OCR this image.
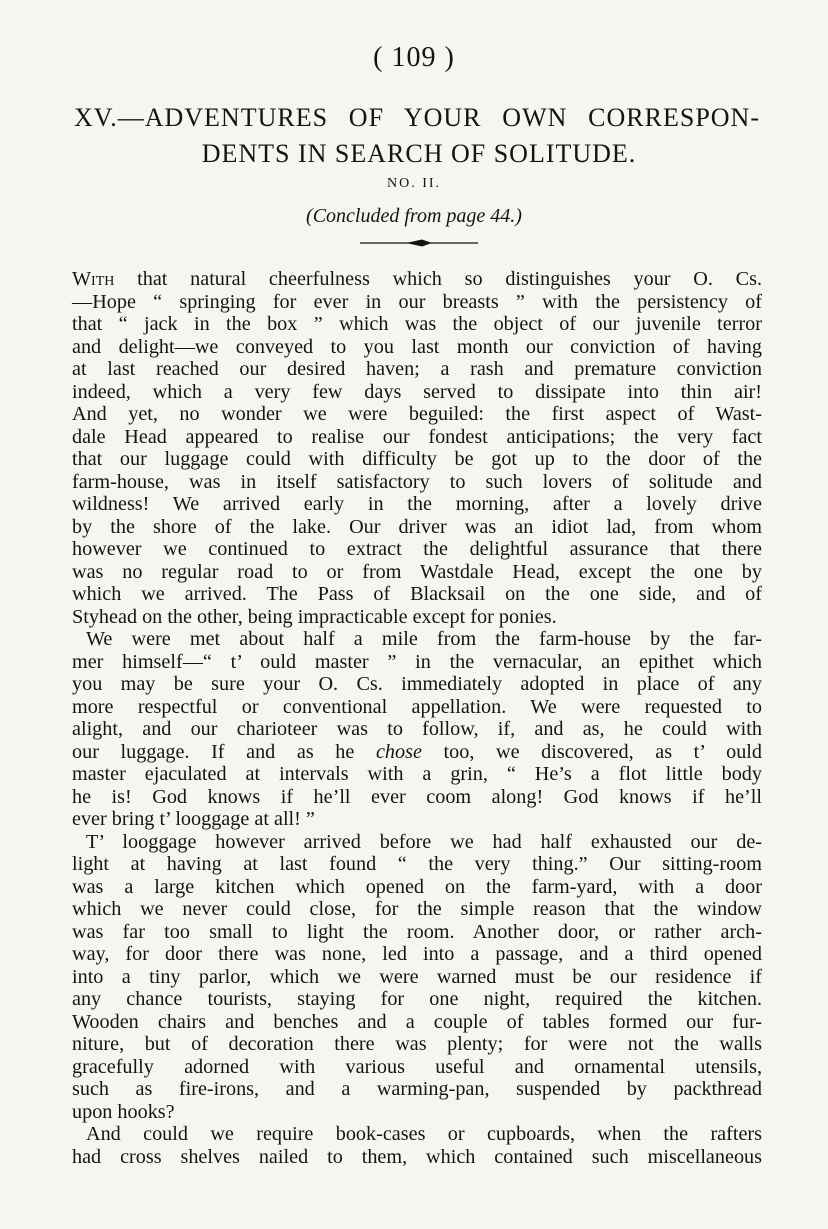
( 109 )
XV.—ADVENTURES OF YOUR OWN CORRESPON-
DENTS IN SEARCH OF SOLITUDE.
NO. II.
(Concluded from page 44.)
With that natural cheerfulness which so distinguishes your O. Cs.
—Hope “ springing for ever in our breasts ” with the persistency of
that “ jack in the box ” which was the object of our juvenile terror
and delight—we conveyed to you last month our conviction of having
at last reached our desired haven; a rash and premature conviction
indeed, which a very few days served to dissipate into thin air!
And yet, no wonder we were beguiled: the first aspect of Wast-
dale Head appeared to realise our fondest anticipations; the very fact
that our luggage could with difficulty be got up to the door of the
farm-house, was in itself satisfactory to such lovers of solitude and
wildness! We arrived early in the morning, after a lovely drive
by the shore of the lake. Our driver was an idiot lad, from whom
however we continued to extract the delightful assurance that there
was no regular road to or from Wastdale Head, except the one by
which we arrived. The Pass of Blacksail on the one side, and of
Styhead on the other, being impracticable except for ponies.
We were met about half a mile from the farm-house by the far-
mer himself—“ t’ ould master ” in the vernacular, an epithet which
you may be sure your O. Cs. immediately adopted in place of any
more respectful or conventional appellation. We were requested to
alight, and our charioteer was to follow, if, and as, he could with
our luggage. If and as he chose too, we discovered, as t’ ould
master ejaculated at intervals with a grin, “ He’s a flot little body
he is! God knows if he’ll ever coom along! God knows if he’ll
ever bring t’ looggage at all! ”
T’ looggage however arrived before we had half exhausted our de-
light at having at last found “ the very thing.” Our sitting-room
was a large kitchen which opened on the farm-yard, with a door
which we never could close, for the simple reason that the window
was far too small to light the room. Another door, or rather arch-
way, for door there was none, led into a passage, and a third opened
into a tiny parlor, which we were warned must be our residence if
any chance tourists, staying for one night, required the kitchen.
Wooden chairs and benches and a couple of tables formed our fur-
niture, but of decoration there was plenty; for were not the walls
gracefully adorned with various useful and ornamental utensils,
such as fire-irons, and a warming-pan, suspended by packthread
upon hooks?
And could we require book-cases or cupboards, when the rafters
had cross shelves nailed to them, which contained such miscellaneous
